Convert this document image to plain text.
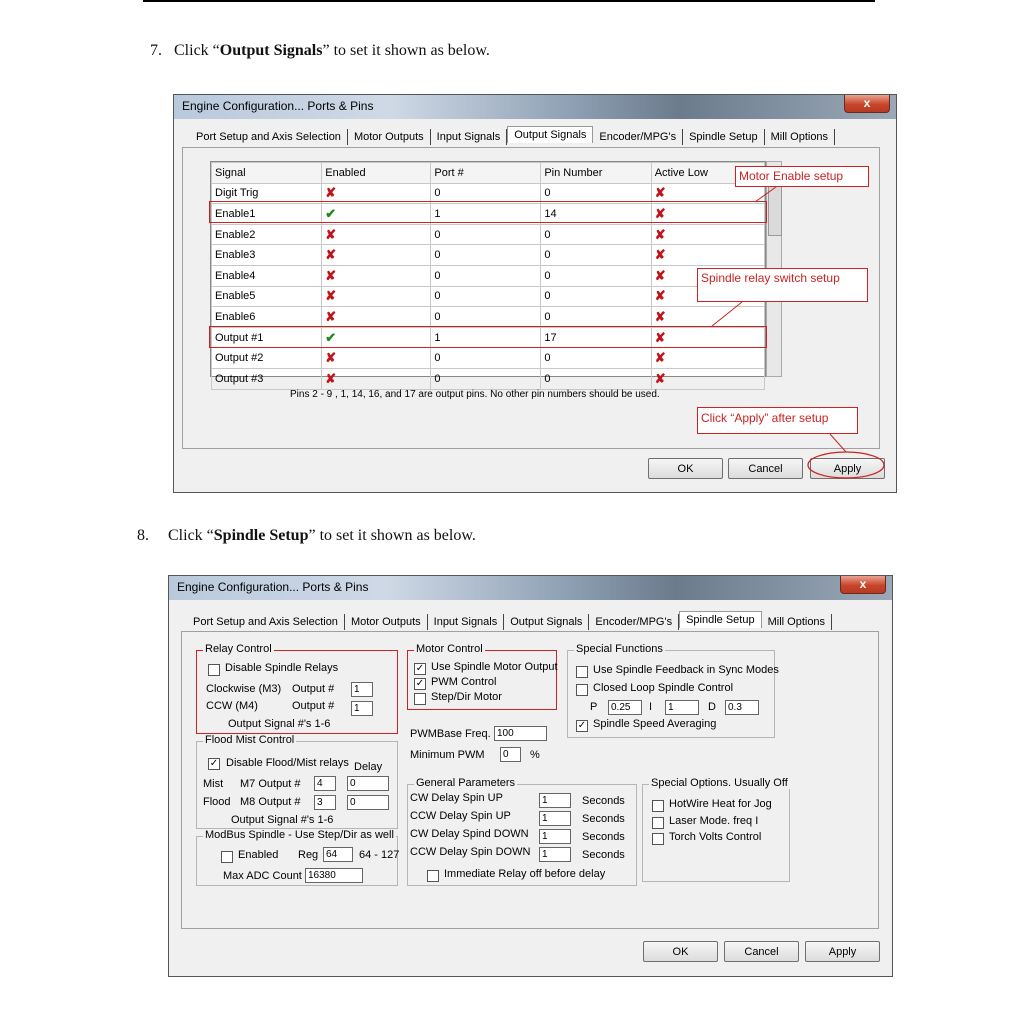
7. Click “Output Signals” to set it shown as below.
Engine Configuration... Ports & Pins	x
Port Setup and Axis Selection Motor Outputs Input Signals Output Signals Encoder/MPG's Spindle Setup Mill Options
OK	Cancel	Apply
Signal	Enabled	Port #	Pin Number	Active Low
Digit Trig	✘	0	0	✘
Enable1	✔	1	14	✘
Enable2	✘	0	0	✘
Enable3	✘	0	0	✘
Enable4	✘	0	0	✘
Enable5	✘	0	0	✘
Enable6	✘	0	0	✘
Output #1	✔	1	17	✘
Output #2	✘	0	0	✘
Output #3	✘	0	0	✘
Motor Enable setup
Spindle relay switch setup
Click “Apply” after setup
Pins 2 - 9 , 1, 14, 16, and 17 are output pins. No other pin numbers should be used.
8. Click “Spindle Setup” to set it shown as below.
Engine Configuration... Ports & Pins	x
Port Setup and Axis Selection Motor Outputs Input Signals Output Signals Encoder/MPG's Spindle Setup Mill Options
OK	Cancel	Apply
Relay Control
Disable Spindle Relays
Clockwise (M3) Output #	1
CCW (M4)	Output #	1
Output Signal #'s 1-6
Motor Control
✓ Use Spindle Motor Output
✓ PWM Control
Step/Dir Motor
PWMBase Freq. 100
Minimum PWM	0	%
Special Functions
Use Spindle Feedback in Sync Modes
Closed Loop Spindle Control
P	0.25	I	1	D	0.3
✓ Spindle Speed Averaging
Flood Mist Control
✓ Disable Flood/Mist relays Delay
Mist M7 Output #	4	0
Flood M8 Output #	3	0
Output Signal #'s 1-6
ModBus Spindle - Use Step/Dir as well
Enabled Reg 64	64 - 127
Max ADC Count 16380
General Parameters
CW Delay Spin UP	1	Seconds
CCW Delay Spin UP	1	Seconds
CW Delay Spind DOWN	1	Seconds
CCW Delay Spin DOWN	1	Seconds
Immediate Relay off before delay
Special Options. Usually Off
HotWire Heat for Jog
Laser Mode. freq I
Torch Volts Control
